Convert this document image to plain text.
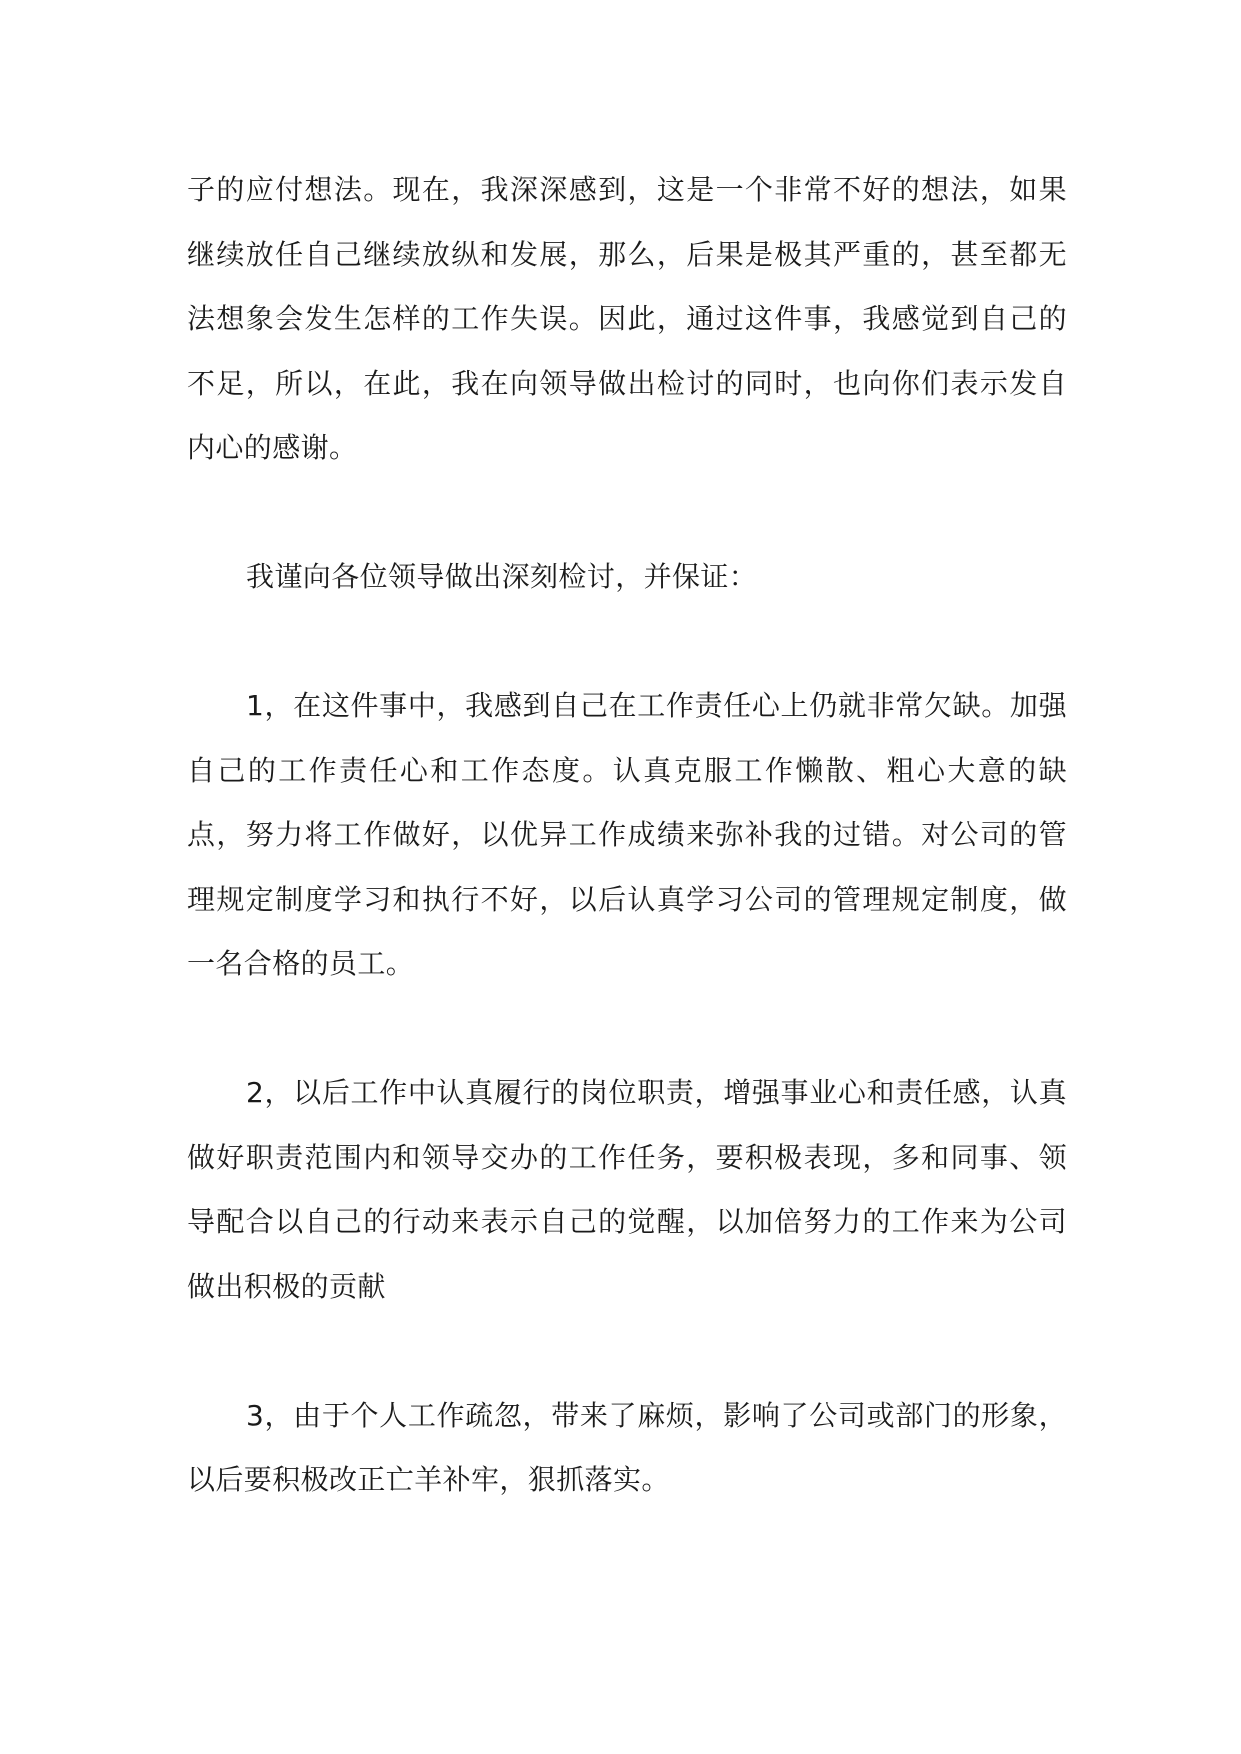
子的应付想法。现在，我深深感到，这是一个非常不好的想法，如果继续放任自己继续放纵和发展，那么，后果是极其严重的，甚至都无法想象会发生怎样的工作失误。因此，通过这件事，我感觉到自己的不足，所以，在此，我在向领导做出检讨的同时，也向你们表示发自内心的感谢。

我谨向各位领导做出深刻检讨，并保证：

1，在这件事中，我感到自己在工作责任心上仍就非常欠缺。加强自己的工作责任心和工作态度。认真克服工作懒散、粗心大意的缺点，努力将工作做好，以优异工作成绩来弥补我的过错。对公司的管理规定制度学习和执行不好，以后认真学习公司的管理规定制度，做一名合格的员工。

2，以后工作中认真履行的岗位职责，增强事业心和责任感，认真做好职责范围内和领导交办的工作任务，要积极表现，多和同事、领导配合以自己的行动来表示自己的觉醒，以加倍努力的工作来为公司做出积极的贡献

3，由于个人工作疏忽，带来了麻烦，影响了公司或部门的形象，以后要积极改正亡羊补牢，狠抓落实。
